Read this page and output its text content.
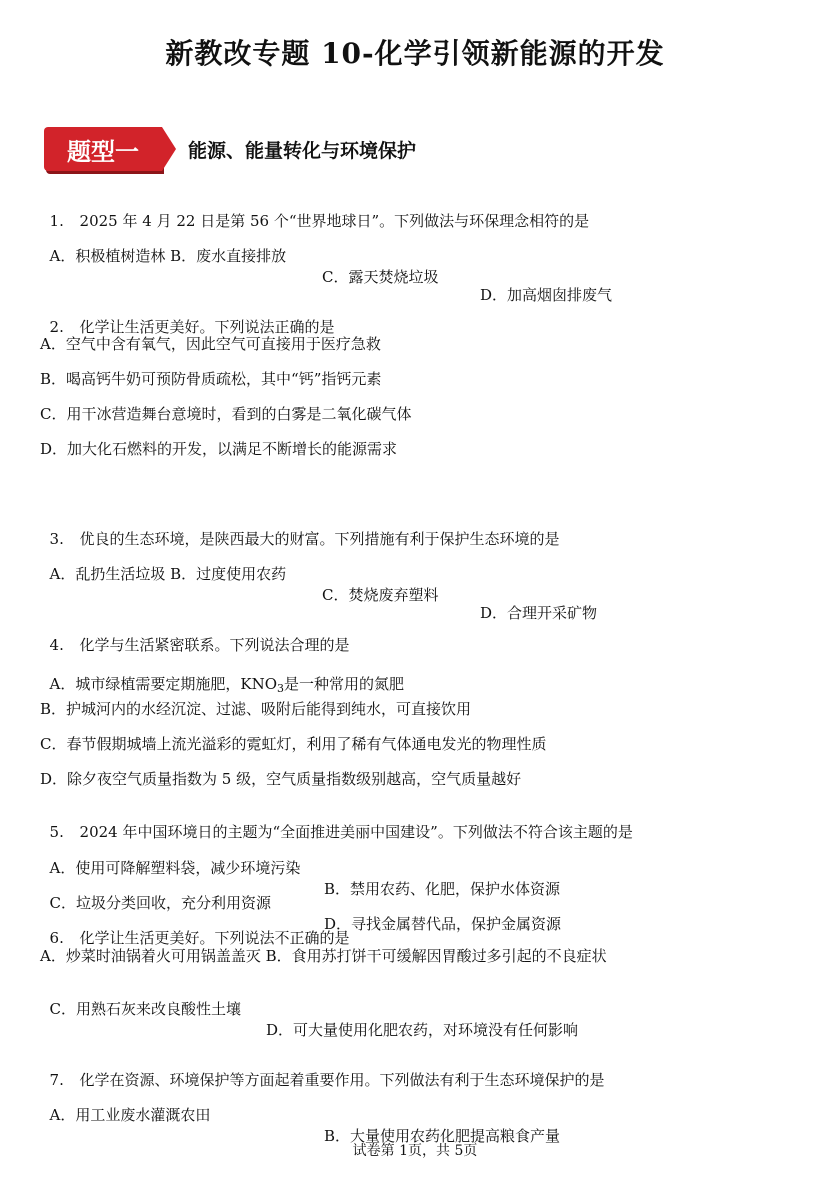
新教改专题 10-化学引领新能源的开发
题型一	能源、能量转化与环境保护

1. 2025 年 4 月 22 日是第 56 个“世界地球日”。下列做法与环保理念相符的是

A．积极植树造林 B．废水直接排放

C．露天焚烧垃圾

D．加高烟囱排废气

2. 化学让生活更美好。下列说法正确的是

A．空气中含有氧气，因此空气可直接用于医疗急救
B．喝高钙牛奶可预防骨质疏松，其中“钙”指钙元素
C．用干冰营造舞台意境时，看到的白雾是二氧化碳气体
D．加大化石燃料的开发，以满足不断增长的能源需求

3. 优良的生态环境，是陕西最大的财富。下列措施有利于保护生态环境的是

A．乱扔生活垃圾 B．过度使用农药

C．焚烧废弃塑料

D．合理开采矿物

4. 化学与生活紧密联系。下列说法合理的是

A．城市绿植需要定期施肥，$KNO_3$是一种常用的氮肥

B．护城河内的水经沉淀、过滤、吸附后能得到纯水，可直接饮用
C．春节假期城墙上流光溢彩的霓虹灯，利用了稀有气体通电发光的物理性质
D．除夕夜空气质量指数为 5 级，空气质量指数级别越高，空气质量越好

5. 2024 年中国环境日的主题为“全面推进美丽中国建设”。下列做法不符合该主题的是

A．使用可降解塑料袋，减少环境污染

B．禁用农药、化肥，保护水体资源

C．垃圾分类回收，充分利用资源

D．寻找金属替代品，保护金属资源

6. 化学让生活更美好。下列说法不正确的是

A．炒菜时油锅着火可用锅盖盖灭 B．食用苏打饼干可缓解因胃酸过多引起的不良症状

C．用熟石灰来改良酸性土壤

D．可大量使用化肥农药，对环境没有任何影响

7. 化学在资源、环境保护等方面起着重要作用。下列做法有利于生态环境保护的是

A．用工业废水灌溉农田

B．大量使用农药化肥提高粮食产量

试卷第 1页，共 5页
